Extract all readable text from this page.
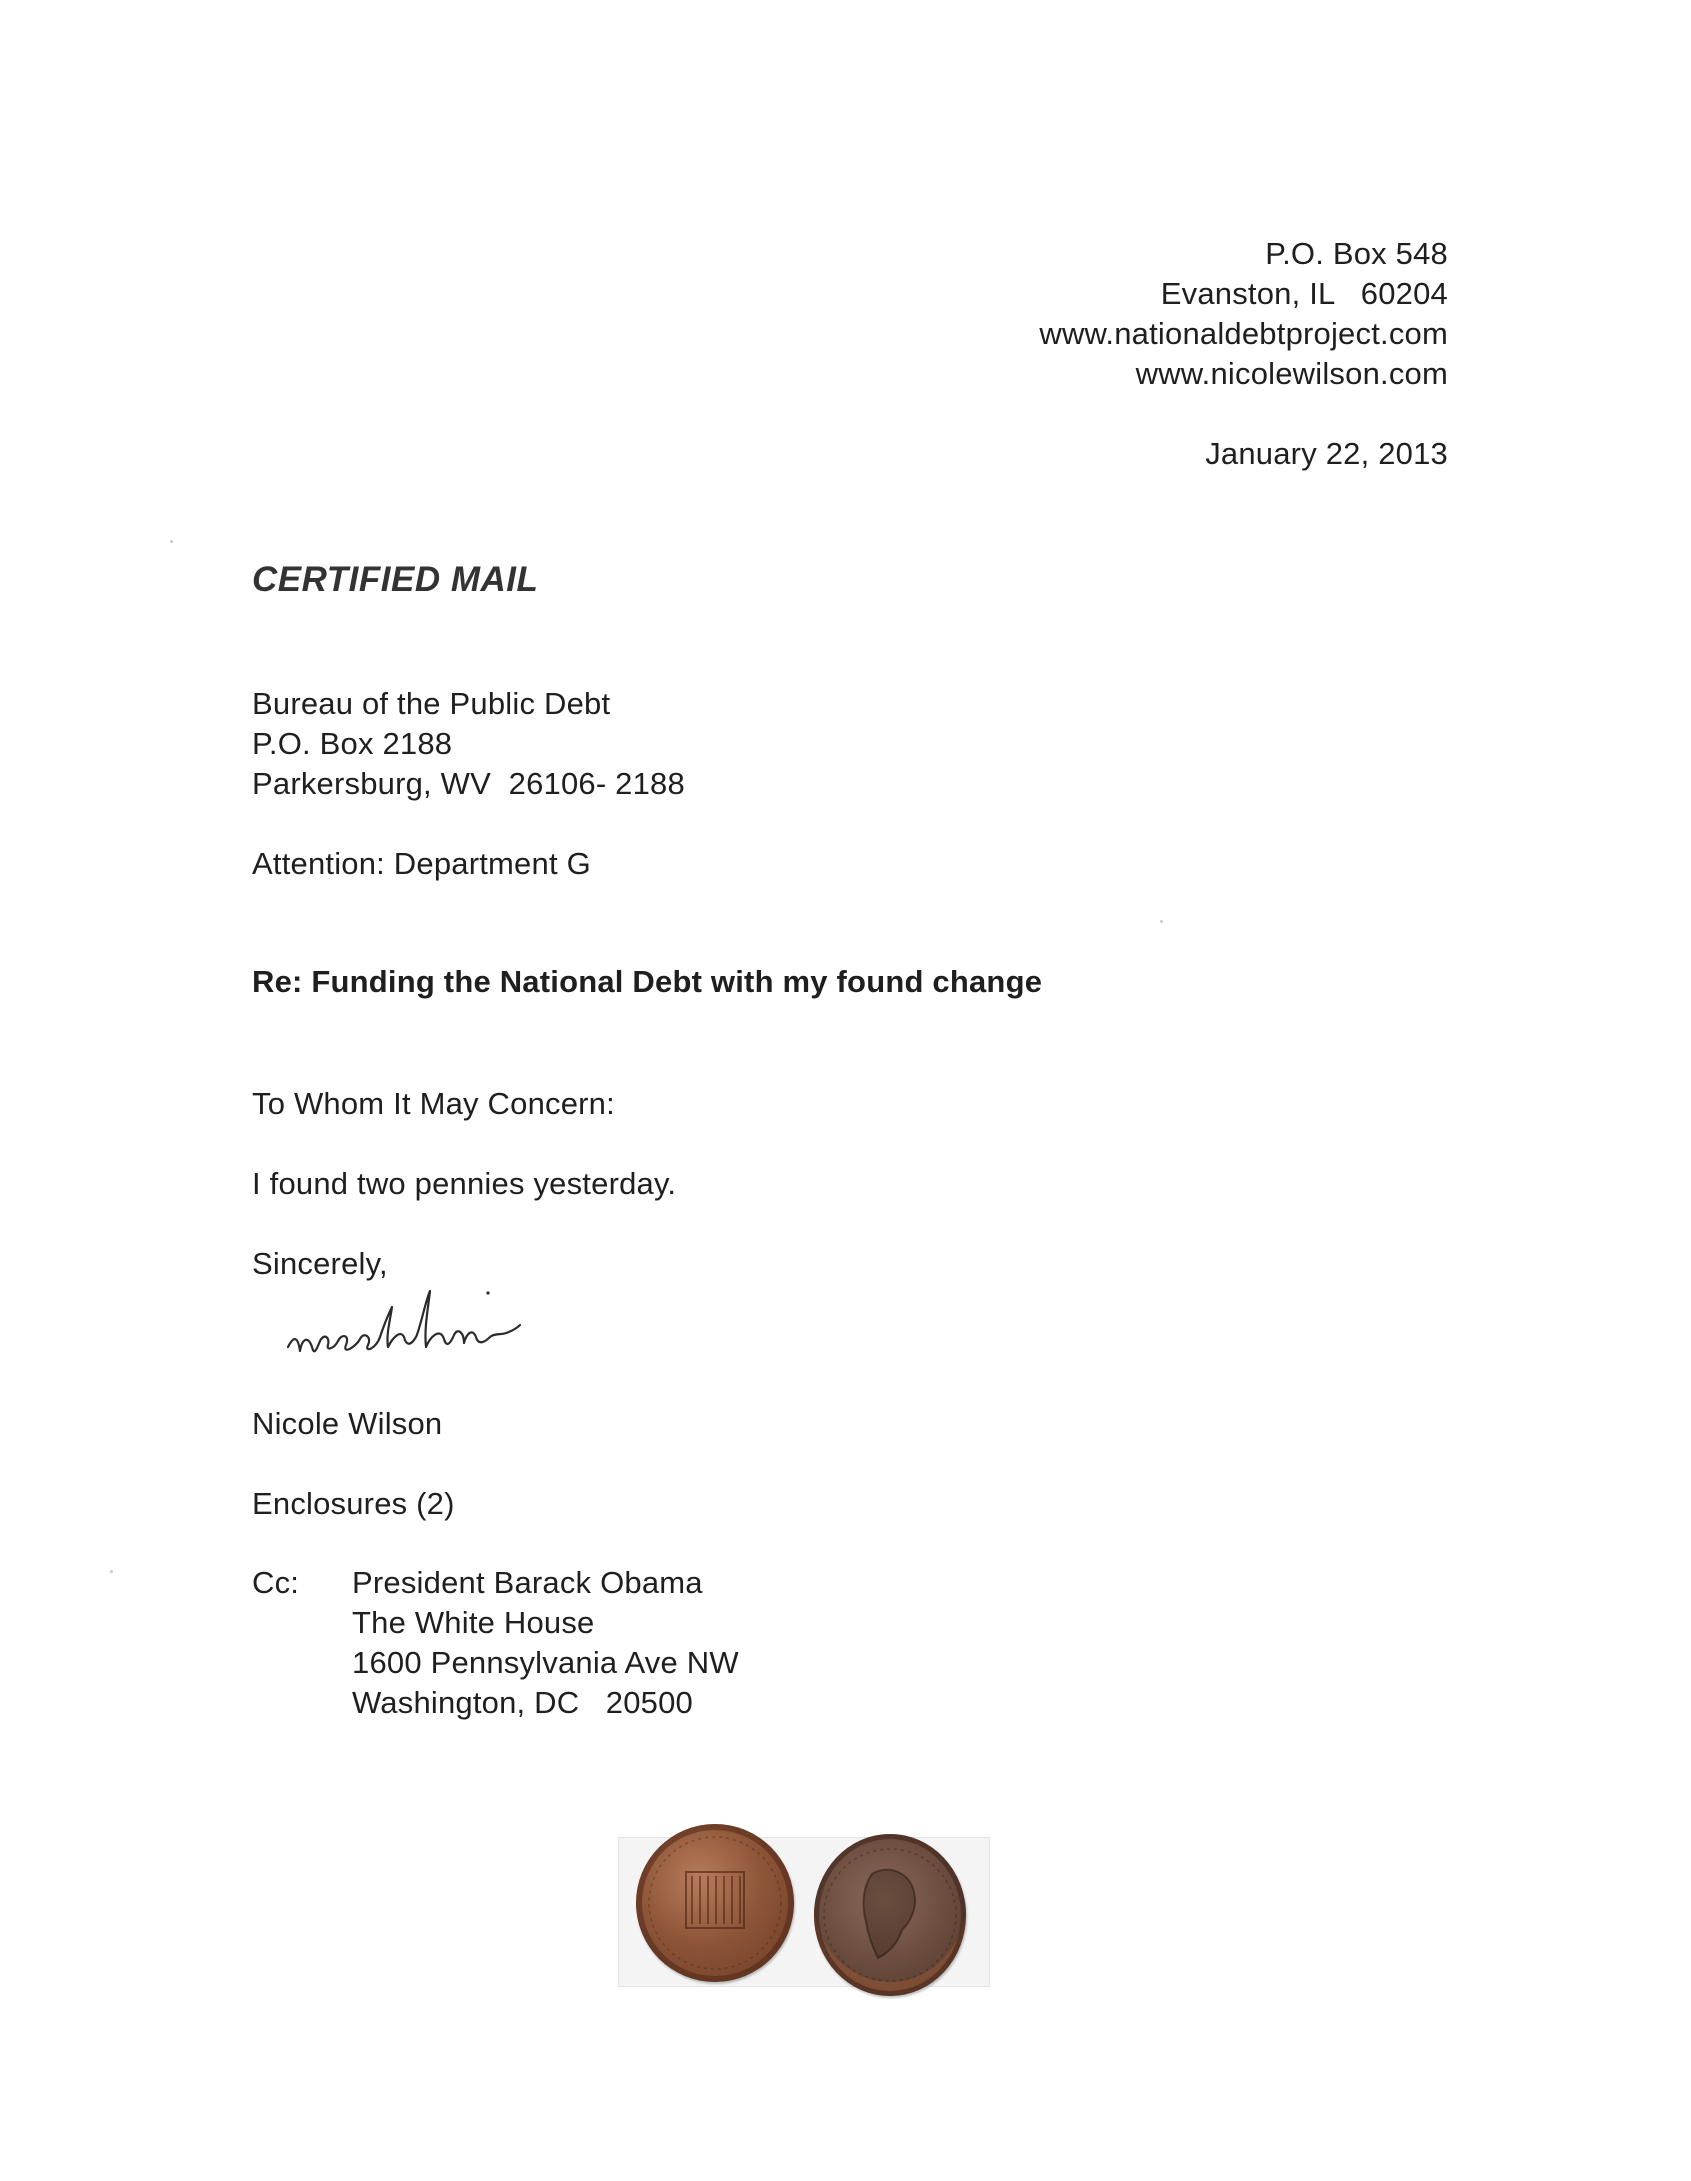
P.O. Box 548
Evanston, IL   60204
www.nationaldebtproject.com
www.nicolewilson.com
January 22, 2013
CERTIFIED MAIL
Bureau of the Public Debt
P.O. Box 2188
Parkersburg, WV  26106- 2188
Attention: Department G
Re: Funding the National Debt with my found change
To Whom It May Concern:
I found two pennies yesterday.
Sincerely,
Nicole Wilson
Enclosures (2)
Cc: President Barack Obama
The White House
1600 Pennsylvania Ave NW
Washington, DC   20500
